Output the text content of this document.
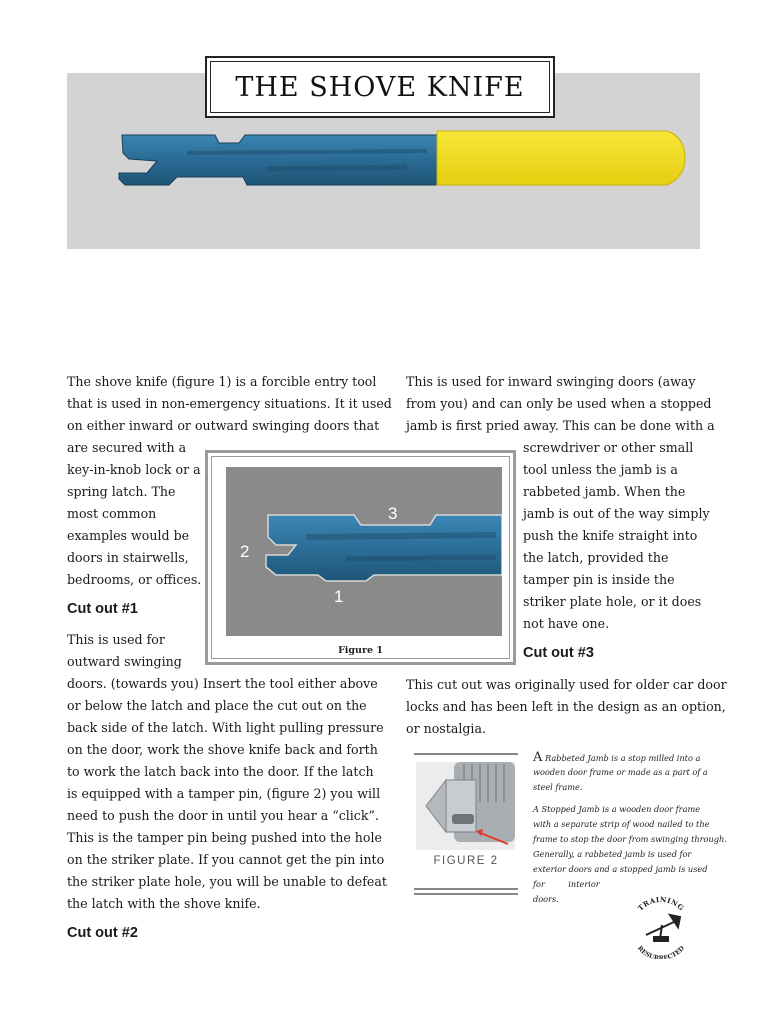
THE SHOVE KNIFE
The shove knife (figure 1) is a forcible entry tool
that is used in non-emergency situations. It it used
on either inward or outward swinging doors that
are secured with a
key-in-knob lock or a
spring latch. The
most common
examples would be
doors in stairwells,
bedrooms, or offices.
Cut out #1
This is used for
outward swinging
doors. (towards you) Insert the tool either above
or below the latch and place the cut out on the
back side of the latch. With light pulling pressure
on the door, work the shove knife back and forth
to work the latch back into the door. If the latch
is equipped with a tamper pin, (figure 2) you will
need to push the door in until you hear a “click”.
This is the tamper pin being pushed into the hole
on the striker plate. If you cannot get the pin into
the striker plate hole, you will be unable to defeat
the latch with the shove knife.
Cut out #2
This is used for inward swinging doors (away
from you) and can only be used when a stopped
jamb is first pried away. This can be done with a
screwdriver or other small
tool unless the jamb is a
rabbeted jamb. When the
jamb is out of the way simply
push the knife straight into
the latch, provided the
tamper pin is inside the
striker plate hole, or it does
not have one.
Cut out #3
This cut out was originally used for older car door
locks and has been left in the design as an option,
or nostalgia.
1
2
3
Figure 1
FIGURE 2
A Rabbeted Jamb is a stop milled into a
wooden door frame or made as a part of a
steel frame.
A Stopped Jamb is a wooden door frame
with a separate strip of wood nailed to the
frame to stop the door from swinging through.
Generally, a rabbeted jamb is used for
exterior doors and a stopped jamb is used
for         interior
doors.
TRAINING
RESURRECTED
